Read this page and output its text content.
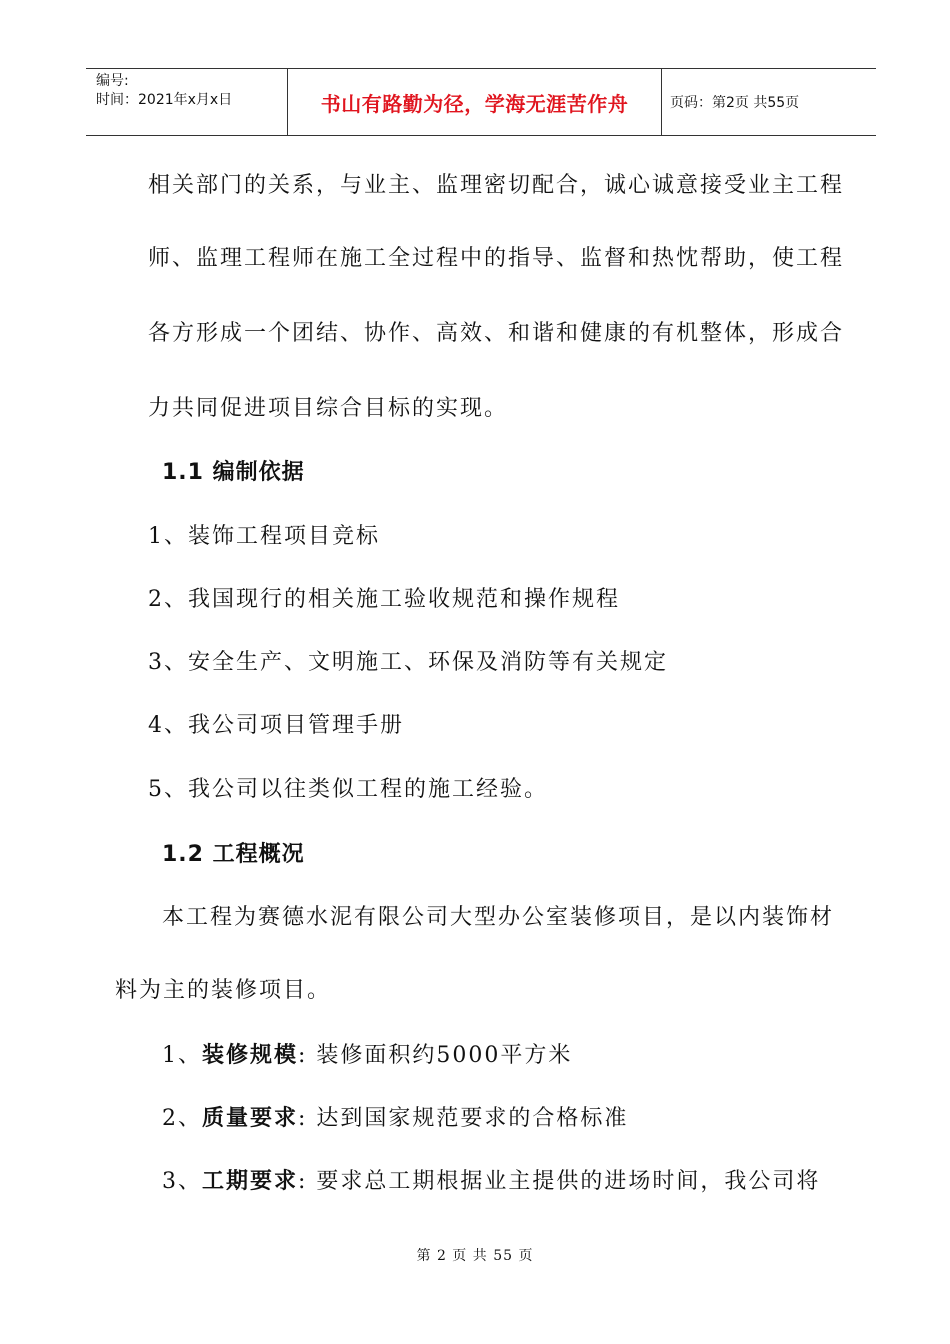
编号:
时间：2021年x月x日	书山有路勤为径，学海无涯苦作舟	页码：第2页 共55页
相关部门的关系，与业主、监理密切配合，诚心诚意接受业主工程
师、监理工程师在施工全过程中的指导、监督和热忱帮助，使工程
各方形成一个团结、协作、高效、和谐和健康的有机整体，形成合
力共同促进项目综合目标的实现。
1.1 编制依据
1、装饰工程项目竞标
2、我国现行的相关施工验收规范和操作规程
3、安全生产、文明施工、环保及消防等有关规定
4、我公司项目管理手册
5、我公司以往类似工程的施工经验。
1.2 工程概况
本工程为赛德水泥有限公司大型办公室装修项目，是以内装饰材
料为主的装修项目。
1、装修规模: 装修面积约5000平方米
2、质量要求: 达到国家规范要求的合格标准
3、工期要求: 要求总工期根据业主提供的进场时间，我公司将
第 2 页 共 55 页
